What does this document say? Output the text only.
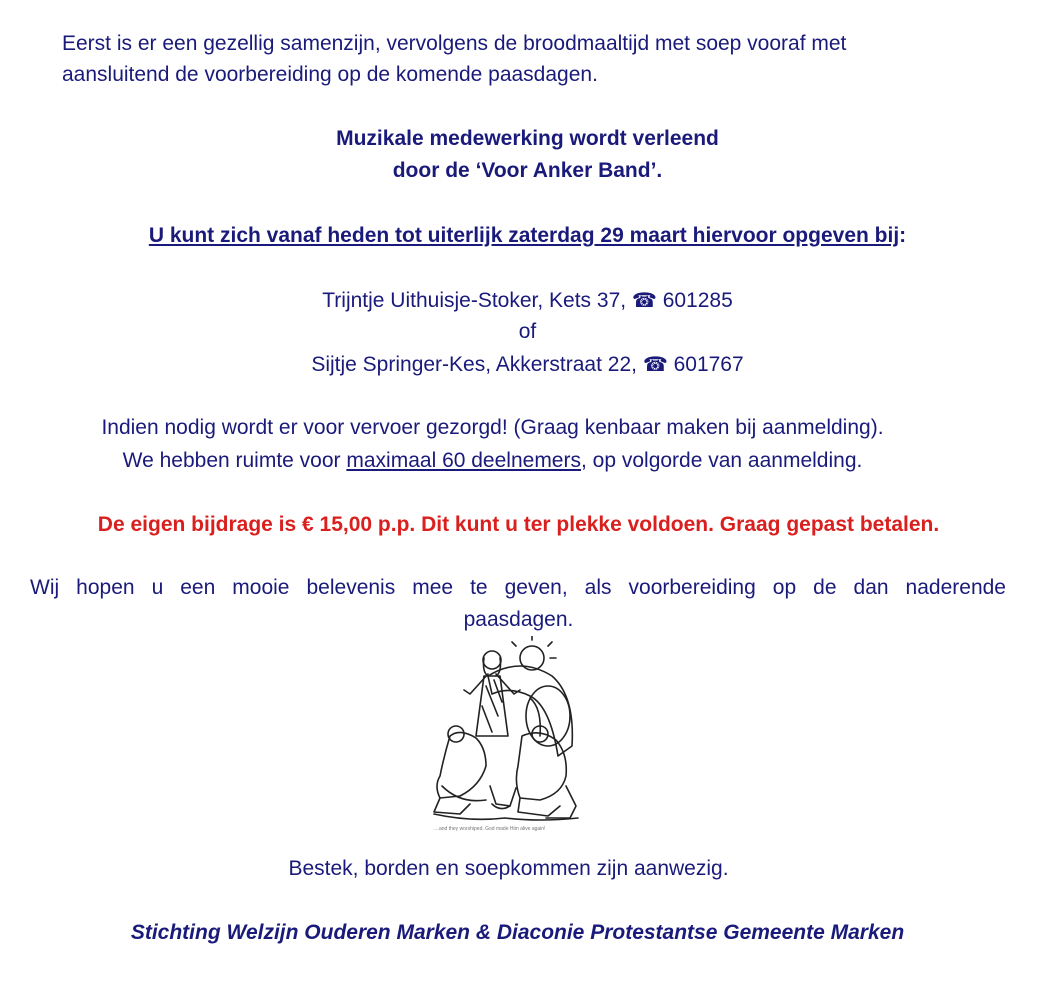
Eerst is er een gezellig samenzijn, vervolgens de broodmaaltijd met soep vooraf met
aansluitend de voorbereiding op de komende paasdagen.
Muzikale medewerking wordt verleend
door de ‘Voor Anker Band’.
U kunt zich vanaf heden tot uiterlijk zaterdag 29 maart hiervoor opgeven bij:
Trijntje Uithuisje-Stoker, Kets 37, ☎ 601285
of
Sijtje Springer-Kes, Akkerstraat 22, ☎ 601767
Indien nodig wordt er voor vervoer gezorgd! (Graag kenbaar maken bij aanmelding).
We hebben ruimte voor maximaal 60 deelnemers, op volgorde van aanmelding.
De eigen bijdrage is € 15,00 p.p. Dit kunt u ter plekke voldoen. Graag gepast betalen.
Wij hopen u een mooie belevenis mee te geven, als voorbereiding op de dan naderende
paasdagen.
…and they worshiped. God made Him alive again!
Bestek, borden en soepkommen zijn aanwezig.
Stichting Welzijn Ouderen Marken & Diaconie Protestantse Gemeente Marken
